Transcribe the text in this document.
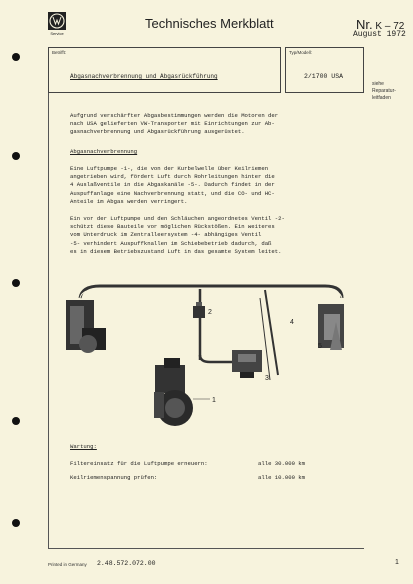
Service
Technisches Merkblatt	Nr. K – 72
August 1972
Betrifft:	Typ/Modell:
Abgasnachverbrennung und Abgasrückführung	2/1700 USA
siehe
Reparatur-
leitfaden
Aufgrund verschärfter Abgasbestimmungen werden die Motoren der
nach USA gelieferten VW-Transporter mit Einrichtungen zur Ab-
gasnachverbrennung und Abgasrückführung ausgerüstet.
Abgasnachverbrennung
Eine Luftpumpe -1-, die von der Kurbelwelle über Keilriemen
angetrieben wird, fördert Luft durch Rohrleitungen hinter die
4 Auslaßventile in die Abgaskanäle -5-. Dadurch findet in der
Auspuffanlage eine Nachverbrennung statt, und die CO- und HC-
Anteile im Abgas werden verringert.
Ein vor der Luftpumpe und den Schläuchen angeordnetes Ventil -2-
schützt diese Bauteile vor möglichen Rückstößen. Ein weiteres
vom Unterdruck im Zentralleersystem -4- abhängiges Ventil
-5- verhindert Auspuffknallen im Schiebebetrieb dadurch, daß
es in diesem Betriebszustand Luft in das gesamte System leitet.
2
4
3
5
1
Wartung:
Filtereinsatz für die Luftpumpe erneuern:	alle 30.000 km
Keilriemenspannung prüfen:	alle 10.000 km
Printed in Germany 2.48.572.072.00	1
